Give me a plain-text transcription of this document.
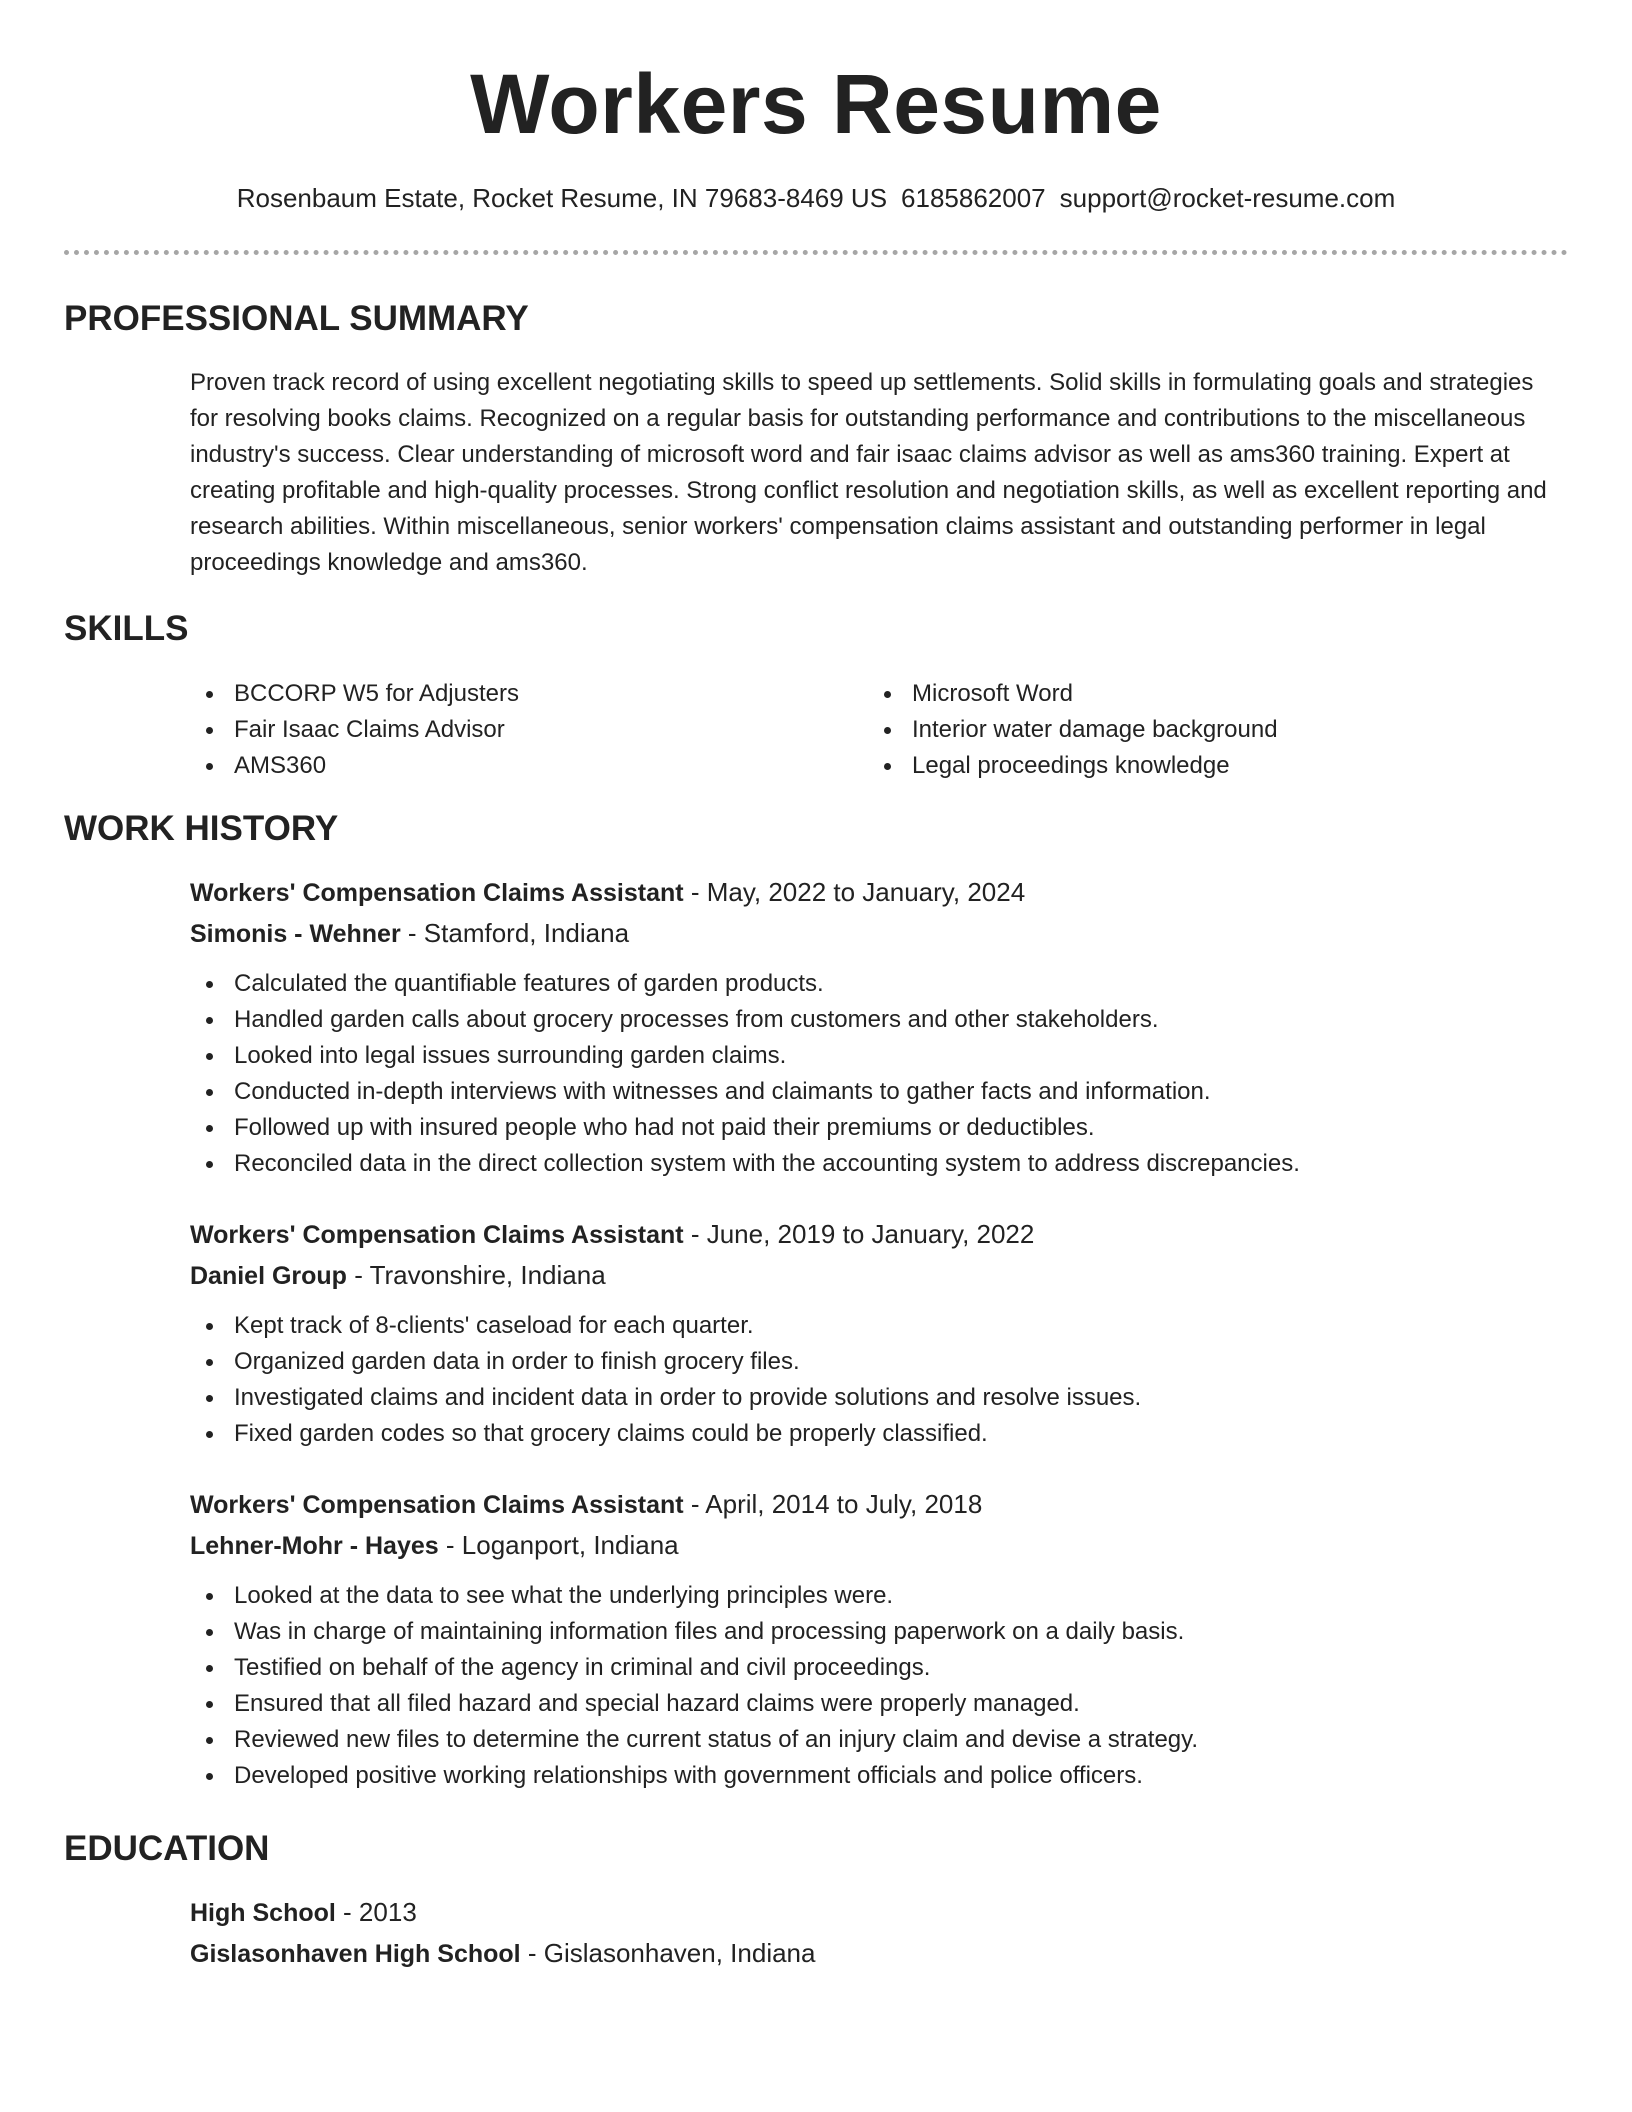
Workers Resume
Rosenbaum Estate, Rocket Resume, IN 79683-8469 US 6185862007 support@rocket-resume.com
PROFESSIONAL SUMMARY
Proven track record of using excellent negotiating skills to speed up settlements. Solid skills in formulating goals and strategies for resolving books claims. Recognized on a regular basis for outstanding performance and contributions to the miscellaneous industry's success. Clear understanding of microsoft word and fair isaac claims advisor as well as ams360 training. Expert at creating profitable and high-quality processes. Strong conflict resolution and negotiation skills, as well as excellent reporting and research abilities. Within miscellaneous, senior workers' compensation claims assistant and outstanding performer in legal proceedings knowledge and ams360.
SKILLS
BCCORP W5 for Adjusters
Fair Isaac Claims Advisor
AMS360
Microsoft Word
Interior water damage background
Legal proceedings knowledge
WORK HISTORY
Workers' Compensation Claims Assistant - May, 2022 to January, 2024
Simonis - Wehner - Stamford, Indiana
Calculated the quantifiable features of garden products.
Handled garden calls about grocery processes from customers and other stakeholders.
Looked into legal issues surrounding garden claims.
Conducted in-depth interviews with witnesses and claimants to gather facts and information.
Followed up with insured people who had not paid their premiums or deductibles.
Reconciled data in the direct collection system with the accounting system to address discrepancies.
Workers' Compensation Claims Assistant - June, 2019 to January, 2022
Daniel Group - Travonshire, Indiana
Kept track of 8-clients' caseload for each quarter.
Organized garden data in order to finish grocery files.
Investigated claims and incident data in order to provide solutions and resolve issues.
Fixed garden codes so that grocery claims could be properly classified.
Workers' Compensation Claims Assistant - April, 2014 to July, 2018
Lehner-Mohr - Hayes - Loganport, Indiana
Looked at the data to see what the underlying principles were.
Was in charge of maintaining information files and processing paperwork on a daily basis.
Testified on behalf of the agency in criminal and civil proceedings.
Ensured that all filed hazard and special hazard claims were properly managed.
Reviewed new files to determine the current status of an injury claim and devise a strategy.
Developed positive working relationships with government officials and police officers.
EDUCATION
High School - 2013
Gislasonhaven High School - Gislasonhaven, Indiana
